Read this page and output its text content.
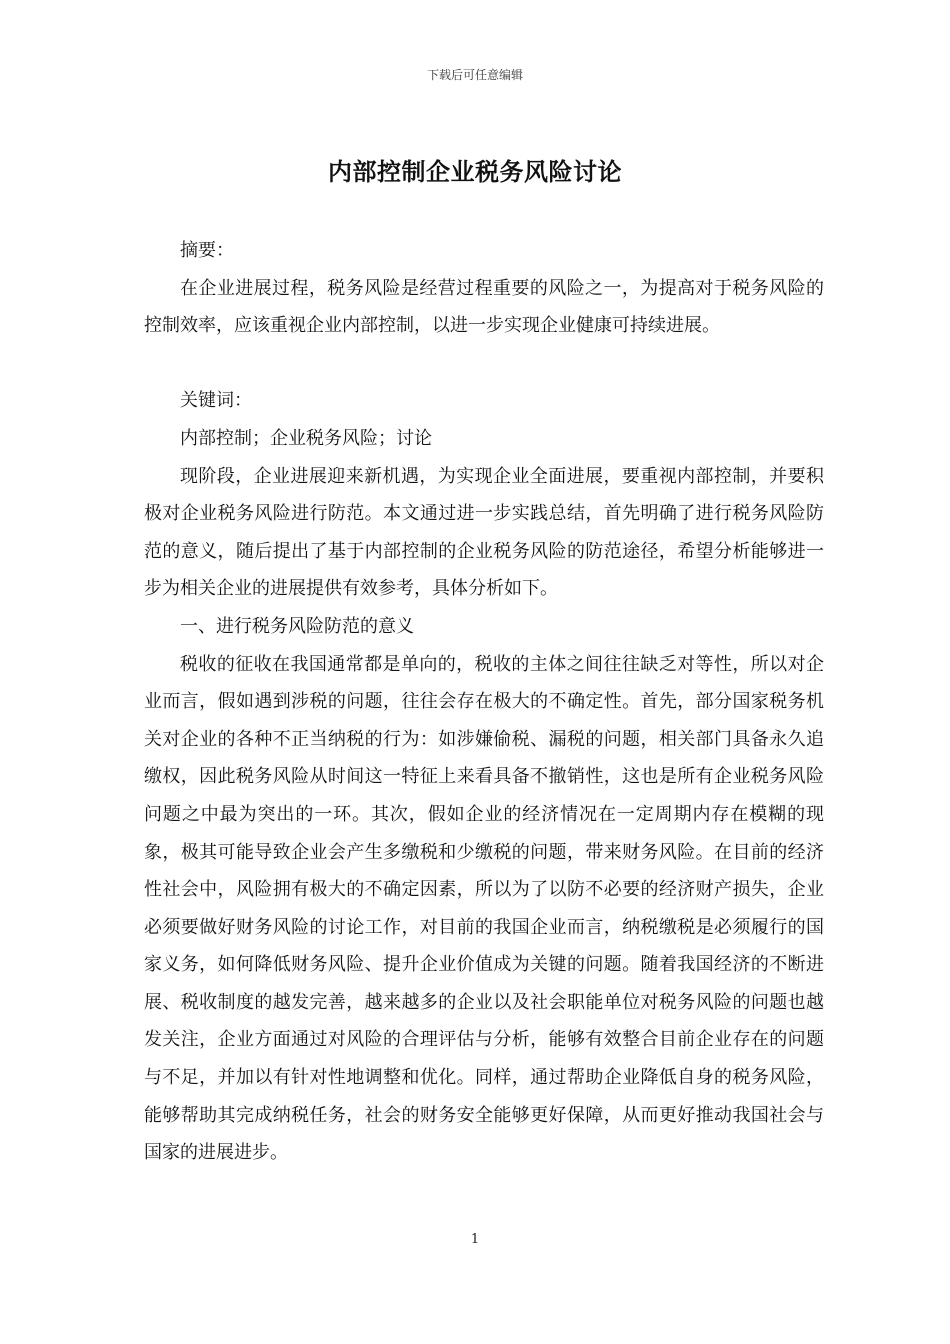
下载后可任意编辑
内部控制企业税务风险讨论

摘要：

在企业进展过程，税务风险是经营过程重要的风险之一，为提高对于税务风险的控制效率，应该重视企业内部控制，以进一步实现企业健康可持续进展。

关键词：

内部控制；企业税务风险；讨论

现阶段，企业进展迎来新机遇，为实现企业全面进展，要重视内部控制，并要积极对企业税务风险进行防范。本文通过进一步实践总结，首先明确了进行税务风险防范的意义，随后提出了基于内部控制的企业税务风险的防范途径，希望分析能够进一步为相关企业的进展提供有效参考，具体分析如下。

一、进行税务风险防范的意义

税收的征收在我国通常都是单向的，税收的主体之间往往缺乏对等性，所以对企业而言，假如遇到涉税的问题，往往会存在极大的不确定性。首先，部分国家税务机关对企业的各种不正当纳税的行为：如涉嫌偷税、漏税的问题，相关部门具备永久追缴权，因此税务风险从时间这一特征上来看具备不撤销性，这也是所有企业税务风险问题之中最为突出的一环。其次，假如企业的经济情况在一定周期内存在模糊的现象，极其可能导致企业会产生多缴税和少缴税的问题，带来财务风险。在目前的经济性社会中，风险拥有极大的不确定因素，所以为了以防不必要的经济财产损失，企业必须要做好财务风险的讨论工作，对目前的我国企业而言，纳税缴税是必须履行的国家义务，如何降低财务风险、提升企业价值成为关键的问题。随着我国经济的不断进展、税收制度的越发完善，越来越多的企业以及社会职能单位对税务风险的问题也越发关注，企业方面通过对风险的合理评估与分析，能够有效整合目前企业存在的问题与不足，并加以有针对性地调整和优化。同样，通过帮助企业降低自身的税务风险，能够帮助其完成纳税任务，社会的财务安全能够更好保障，从而更好推动我国社会与国家的进展进步。

1
